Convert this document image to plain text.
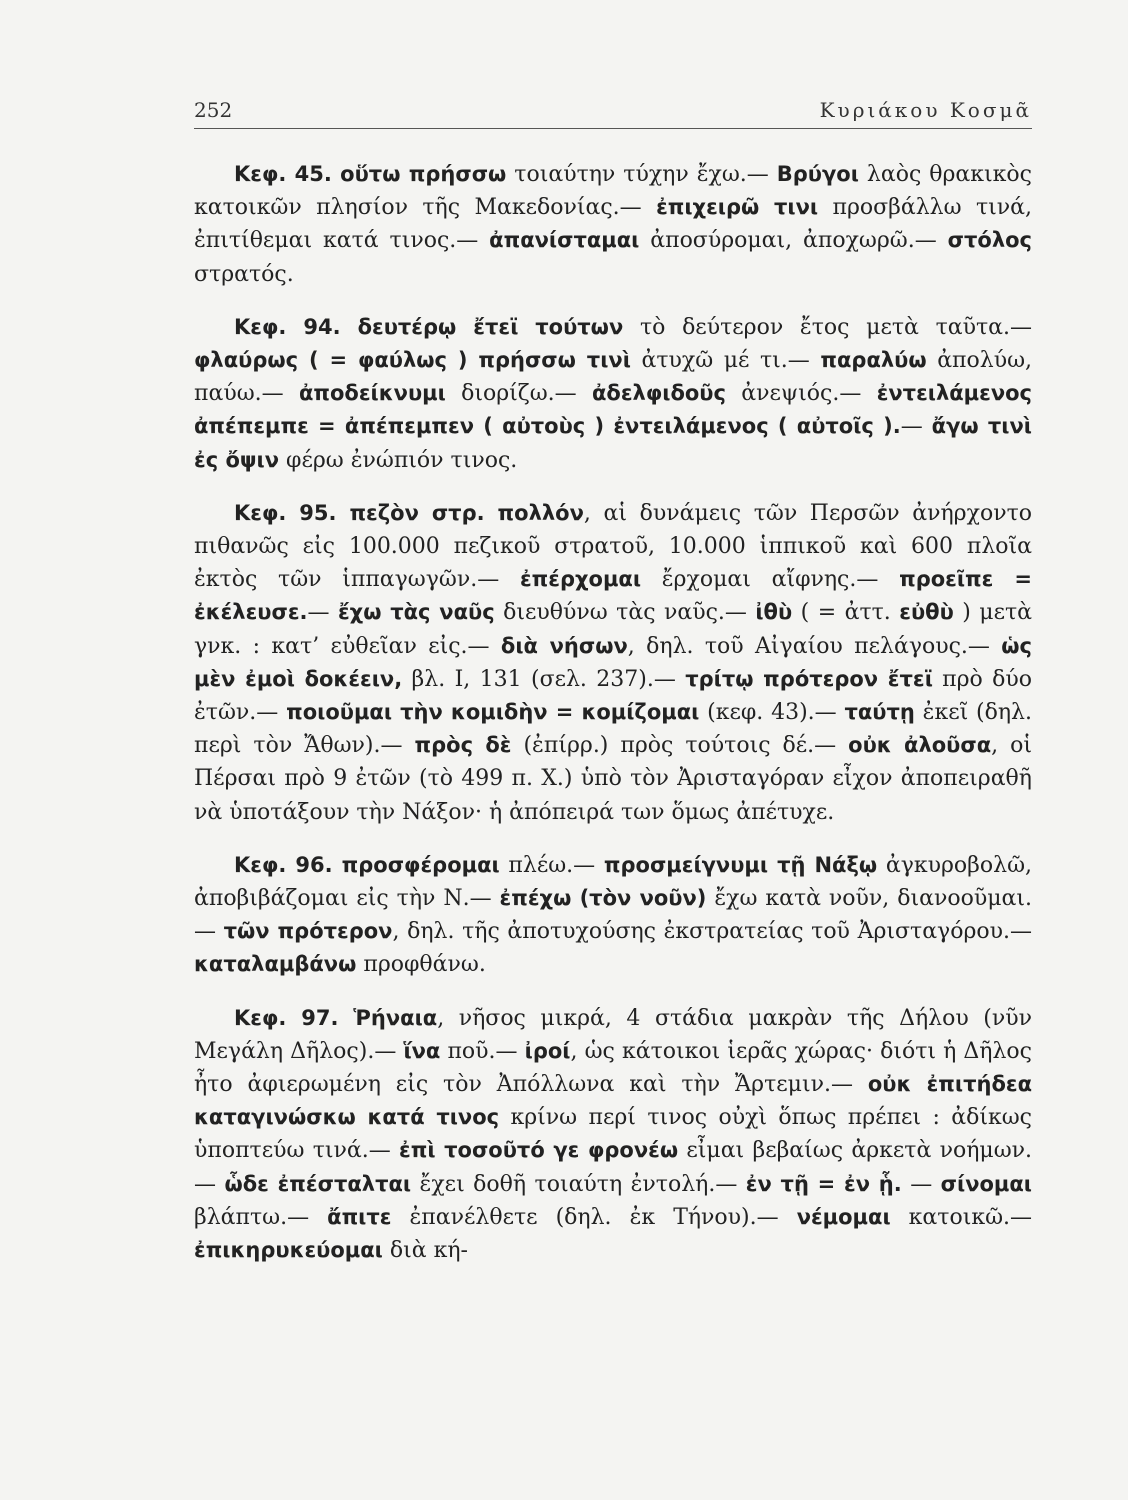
252	Κυριάκου Κοσμᾶ

Κεφ. 45. οὕτω πρήσσω τοιαύτην τύχην ἔχω.— Βρύγοι λαὸς θρακικὸς κατοικῶν πλησίον τῆς Μακεδονίας.— ἐπιχειρῶ τινι προσβάλλω τινά, ἐπιτίθεμαι κατά τινος.— ἀπανίσταμαι ἀποσύρομαι, ἀποχωρῶ.— στόλος στρατός.

Κεφ. 94. δευτέρῳ ἔτεϊ τούτων τὸ δεύτερον ἔτος μετὰ ταῦτα.— φλαύρως ( = φαύλως ) πρήσσω τινὶ ἀτυχῶ μέ τι.— παραλύω ἀπολύω, παύω.— ἀποδείκνυμι διορίζω.— ἀδελφιδοῦς ἀνεψιός.— ἐντειλάμενος ἀπέπεμπε = ἀπέπεμπεν ( αὐτοὺς ) ἐντειλάμενος ( αὐτοῖς ).— ἄγω τινὶ ἐς ὄψιν φέρω ἐνώπιόν τινος.

Κεφ. 95. πεζὸν στρ. πολλόν, αἱ δυνάμεις τῶν Περσῶν ἀνήρχοντο πιθανῶς εἰς 100.000 πεζικοῦ στρατοῦ, 10.000 ἱππικοῦ καὶ 600 πλοῖα ἐκτὸς τῶν ἱππαγωγῶν.— ἐπέρχομαι ἔρχομαι αἴφνης.— προεῖπε = ἐκέλευσε.— ἔχω τὰς ναῦς διευθύνω τὰς ναῦς.— ἰθὺ ( = ἀττ. εὐθὺ ) μετὰ γνκ. : κατ’ εὐθεῖαν εἰς.— διὰ νήσων, δηλ. τοῦ Αἰγαίου πελάγους.— ὡς μὲν ἐμοὶ δοκέειν, βλ. I, 131 (σελ. 237).— τρίτῳ πρότερον ἔτεϊ πρὸ δύο ἐτῶν.— ποιοῦμαι τὴν κομιδὴν = κομίζομαι (κεφ. 43).— ταύτῃ ἐκεῖ (δηλ. περὶ τὸν Ἄθων).— πρὸς δὲ (ἐπίρρ.) πρὸς τούτοις δέ.— οὐκ ἀλοῦσα, οἱ Πέρσαι πρὸ 9 ἐτῶν (τὸ 499 π. Χ.) ὑπὸ τὸν Ἀρισταγόραν εἶχον ἀποπειραθῆ νὰ ὑποτάξουν τὴν Νάξον· ἡ ἀπόπειρά των ὅμως ἀπέτυχε.

Κεφ. 96. προσφέρομαι πλέω.— προσμείγνυμι τῇ Νάξῳ ἀγκυροβολῶ, ἀποβιβάζομαι εἰς τὴν Ν.— ἐπέχω (τὸν νοῦν) ἔχω κατὰ νοῦν, διανοοῦμαι.— τῶν πρότερον, δηλ. τῆς ἀποτυχούσης ἐκστρατείας τοῦ Ἀρισταγόρου.— καταλαμβάνω προφθάνω.

Κεφ. 97. Ῥήναια, νῆσος μικρά, 4 στάδια μακρὰν τῆς Δήλου (νῦν Μεγάλη Δῆλος).— ἵνα ποῦ.— ἰροί, ὡς κάτοικοι ἱερᾶς χώρας· διότι ἡ Δῆλος ἦτο ἀφιερωμένη εἰς τὸν Ἀπόλλωνα καὶ τὴν Ἄρτεμιν.— οὐκ ἐπιτήδεα καταγινώσκω κατά τινος κρίνω περί τινος οὐχὶ ὅπως πρέπει : ἀδίκως ὑποπτεύω τινά.— ἐπὶ τοσοῦτό γε φρονέω εἶμαι βεβαίως ἀρκετὰ νοήμων.— ὧδε ἐπέσταλται ἔχει δοθῆ τοιαύτη ἐντολή.— ἐν τῇ = ἐν ᾗ. — σίνομαι βλάπτω.— ἄπιτε ἐπανέλθετε (δηλ. ἐκ Τήνου).— νέμομαι κατοικῶ.— ἐπικηρυκεύομαι διὰ κή-
